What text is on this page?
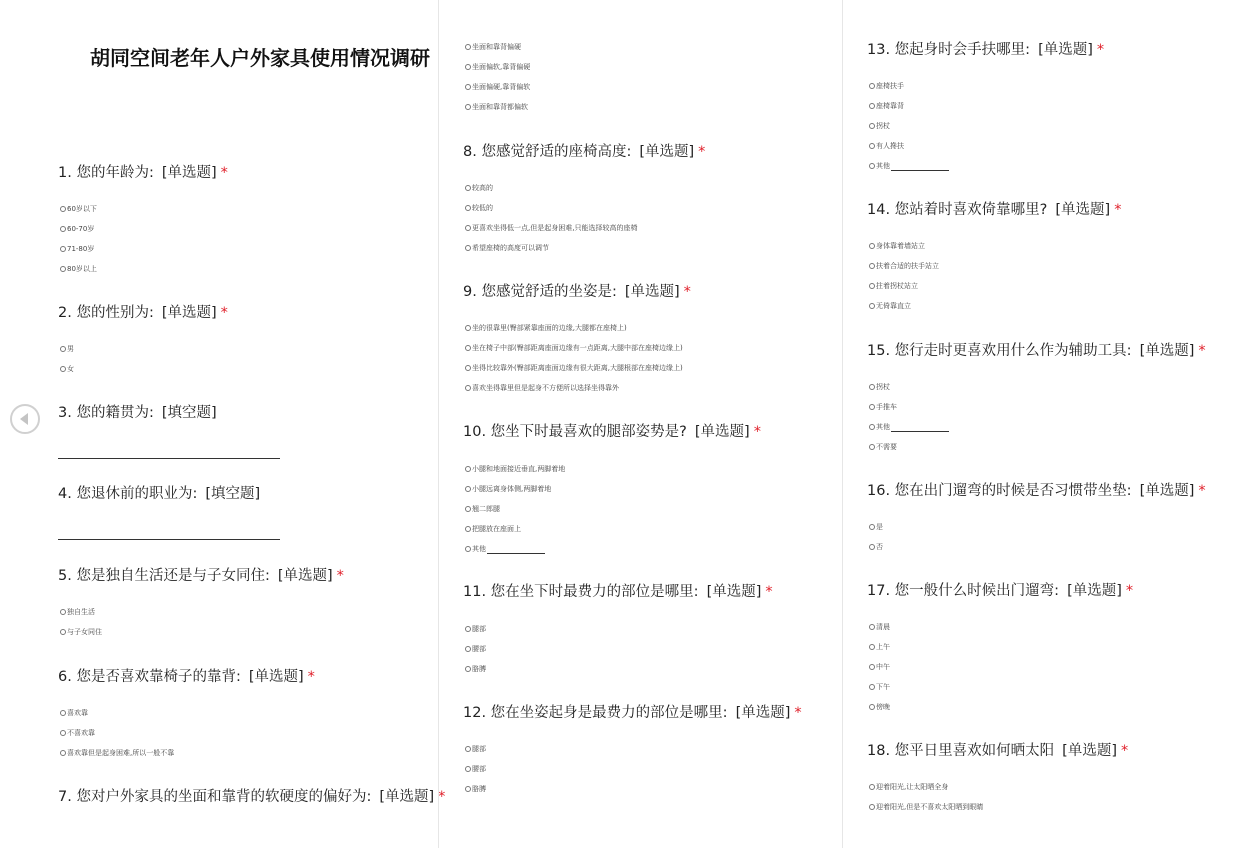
胡同空间老年人户外家具使用情况调研
1. 您的年龄为: [单选题] *
60岁以下
60-70岁
71-80岁
80岁以上
2. 您的性别为: [单选题] *
男
女
3. 您的籍贯为: [填空题]
4. 您退休前的职业为: [填空题]
5. 您是独自生活还是与子女同住: [单选题] *
独自生活
与子女同住
6. 您是否喜欢靠椅子的靠背: [单选题] *
喜欢靠
不喜欢靠
喜欢靠但是起身困难,所以一般不靠
7. 您对户外家具的坐面和靠背的软硬度的偏好为: [单选题] *
坐面和靠背偏硬
坐面偏软,靠背偏硬
坐面偏硬,靠背偏软
坐面和靠背都偏软
8. 您感觉舒适的座椅高度: [单选题] *
较高的
较低的
更喜欢坐得低一点,但是起身困难,只能选择较高的座椅
希望座椅的高度可以调节
9. 您感觉舒适的坐姿是: [单选题] *
坐的很靠里(臀部紧靠座面的边缘,大腿都在座椅上)
坐在椅子中部(臀部距离座面边缘有一点距离,大腿中部在座椅边缘上)
坐得比较靠外(臀部距离座面边缘有很大距离,大腿根部在座椅边缘上)
喜欢坐得靠里但是起身不方便所以选择坐得靠外
10. 您坐下时最喜欢的腿部姿势是? [单选题] *
小腿和地面接近垂直,两脚着地
小腿远离身体侧,两脚着地
翘二郎腿
把腿放在座面上
其他
11. 您在坐下时最费力的部位是哪里: [单选题] *
腿部
腰部
胳膊
12. 您在坐姿起身是最费力的部位是哪里: [单选题] *
腿部
腰部
胳膊
13. 您起身时会手扶哪里: [单选题] *
座椅扶手
座椅靠背
拐杖
有人搀扶
其他
14. 您站着时喜欢倚靠哪里? [单选题] *
身体靠着墙站立
扶着合适的扶手站立
拄着拐杖站立
无倚靠直立
15. 您行走时更喜欢用什么作为辅助工具: [单选题] *
拐杖
手推车
其他
不需要
16. 您在出门遛弯的时候是否习惯带坐垫: [单选题] *
是
否
17. 您一般什么时候出门遛弯: [单选题] *
清晨
上午
中午
下午
傍晚
18. 您平日里喜欢如何晒太阳 [单选题] *
迎着阳光,让太阳晒全身
迎着阳光,但是不喜欢太阳晒到眼睛
